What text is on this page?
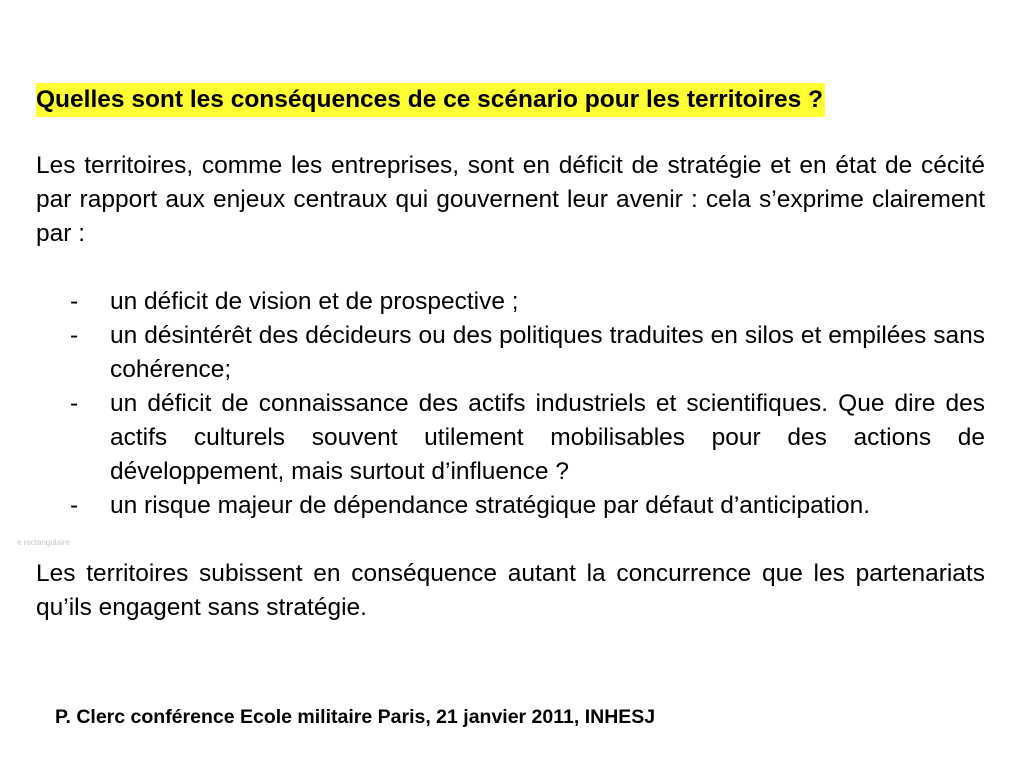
e rectangulaire
Quelles sont les conséquences de ce scénario pour les territoires ?

Les territoires, comme les entreprises, sont en déficit de stratégie et en état de cécité par rapport aux enjeux centraux qui gouvernent leur avenir : cela s’exprime clairement par :

- un déficit de vision et de prospective ;
- un désintérêt des décideurs ou des politiques traduites en silos et empilées sans cohérence;
- un déficit de connaissance des actifs industriels et scientifiques. Que dire des actifs culturels souvent utilement mobilisables pour des actions de développement, mais surtout d’influence ?
- un risque majeur de dépendance stratégique par défaut d’anticipation.

Les territoires subissent en conséquence autant la concurrence que les partenariats qu’ils engagent sans stratégie.

P. Clerc conférence Ecole militaire Paris, 21 janvier 2011, INHESJ
